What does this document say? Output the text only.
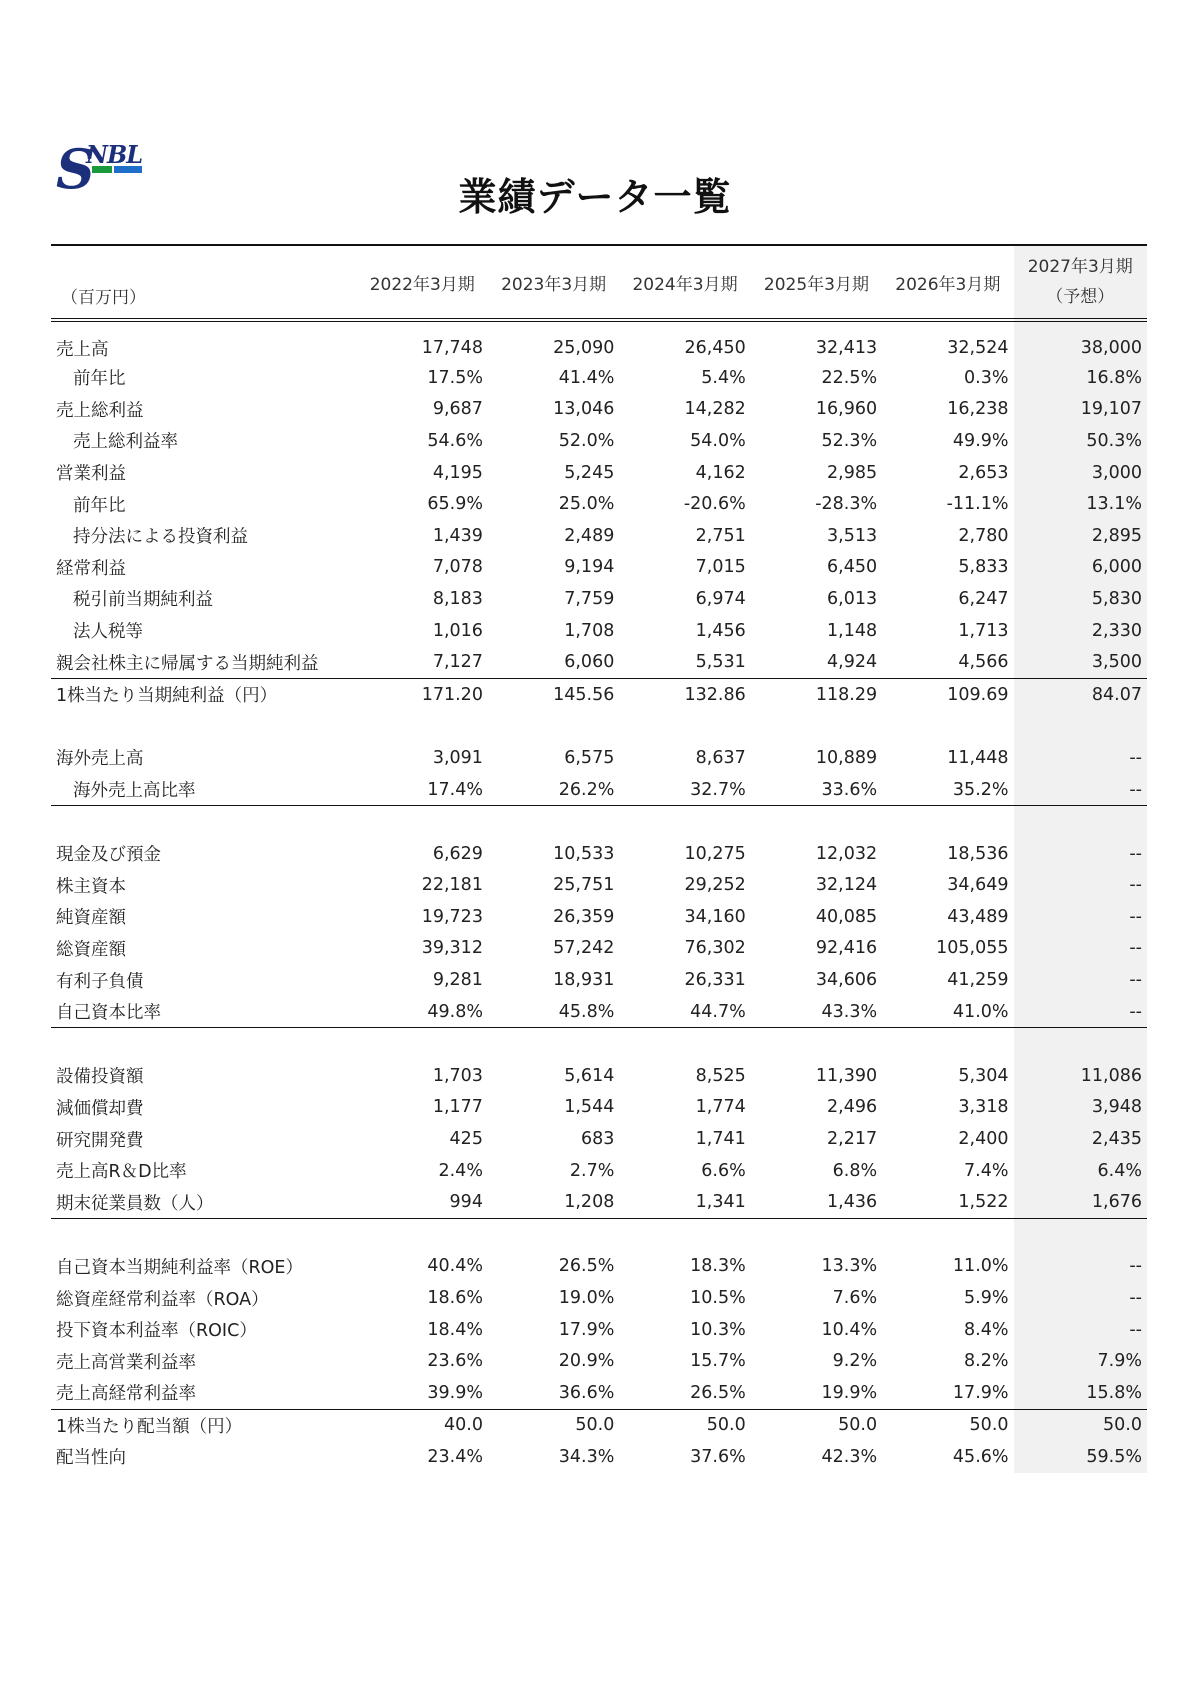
S
NBL
業績データ一覧
（百万円）	2022年3月期	2023年3月期	2024年3月期	2025年3月期	2026年3月期	2027年3月期
（予想）

売上高	17,748	25,090	26,450	32,413	32,524	38,000
前年比	17.5%	41.4%	5.4%	22.5%	0.3%	16.8%
売上総利益	9,687	13,046	14,282	16,960	16,238	19,107
売上総利益率	54.6%	52.0%	54.0%	52.3%	49.9%	50.3%
営業利益	4,195	5,245	4,162	2,985	2,653	3,000
前年比	65.9%	25.0%	-20.6%	-28.3%	-11.1%	13.1%
持分法による投資利益	1,439	2,489	2,751	3,513	2,780	2,895
経常利益	7,078	9,194	7,015	6,450	5,833	6,000
税引前当期純利益	8,183	7,759	6,974	6,013	6,247	5,830
法人税等	1,016	1,708	1,456	1,148	1,713	2,330
親会社株主に帰属する当期純利益	7,127	6,060	5,531	4,924	4,566	3,500
1株当たり当期純利益（円）	171.20	145.56	132.86	118.29	109.69	84.07

海外売上高	3,091	6,575	8,637	10,889	11,448	--
海外売上高比率	17.4%	26.2%	32.7%	33.6%	35.2%	--

現金及び預金	6,629	10,533	10,275	12,032	18,536	--
株主資本	22,181	25,751	29,252	32,124	34,649	--
純資産額	19,723	26,359	34,160	40,085	43,489	--
総資産額	39,312	57,242	76,302	92,416	105,055	--
有利子負債	9,281	18,931	26,331	34,606	41,259	--
自己資本比率	49.8%	45.8%	44.7%	43.3%	41.0%	--

設備投資額	1,703	5,614	8,525	11,390	5,304	11,086
減価償却費	1,177	1,544	1,774	2,496	3,318	3,948
研究開発費	425	683	1,741	2,217	2,400	2,435
売上高R＆D比率	2.4%	2.7%	6.6%	6.8%	7.4%	6.4%
期末従業員数（人）	994	1,208	1,341	1,436	1,522	1,676

自己資本当期純利益率（ROE）	40.4%	26.5%	18.3%	13.3%	11.0%	--
総資産経常利益率（ROA）	18.6%	19.0%	10.5%	7.6%	5.9%	--
投下資本利益率（ROIC）	18.4%	17.9%	10.3%	10.4%	8.4%	--
売上高営業利益率	23.6%	20.9%	15.7%	9.2%	8.2%	7.9%
売上高経常利益率	39.9%	36.6%	26.5%	19.9%	17.9%	15.8%
1株当たり配当額（円）	40.0	50.0	50.0	50.0	50.0	50.0
配当性向	23.4%	34.3%	37.6%	42.3%	45.6%	59.5%
